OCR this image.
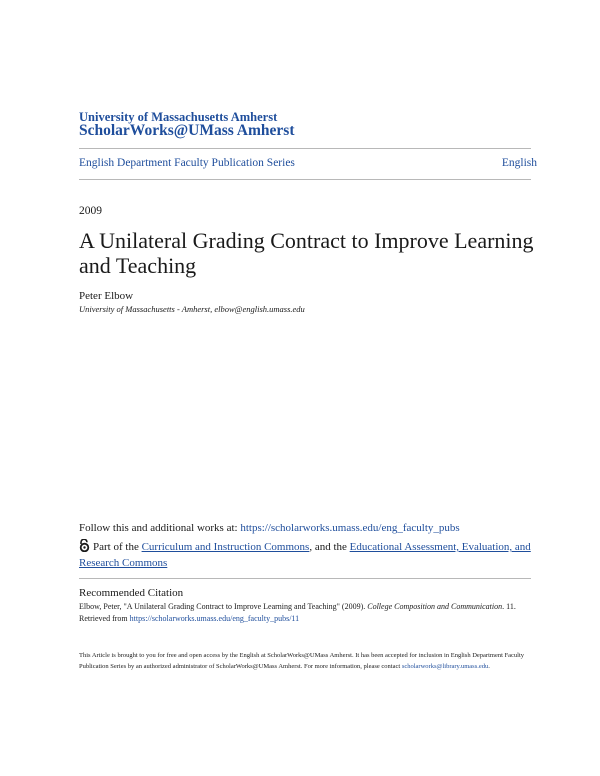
University of Massachusetts Amherst
ScholarWorks@UMass Amherst
English Department Faculty Publication Series	English
2009
A Unilateral Grading Contract to Improve Learning and Teaching
Peter Elbow
University of Massachusetts - Amherst, elbow@english.umass.edu
Follow this and additional works at: https://scholarworks.umass.edu/eng_faculty_pubs
Part of the Curriculum and Instruction Commons, and the Educational Assessment, Evaluation, and Research Commons
Recommended Citation
Elbow, Peter, "A Unilateral Grading Contract to Improve Learning and Teaching" (2009). College Composition and Communication. 11.
Retrieved from https://scholarworks.umass.edu/eng_faculty_pubs/11
This Article is brought to you for free and open access by the English at ScholarWorks@UMass Amherst. It has been accepted for inclusion in English Department Faculty Publication Series by an authorized administrator of ScholarWorks@UMass Amherst. For more information, please contact scholarworks@library.umass.edu.
